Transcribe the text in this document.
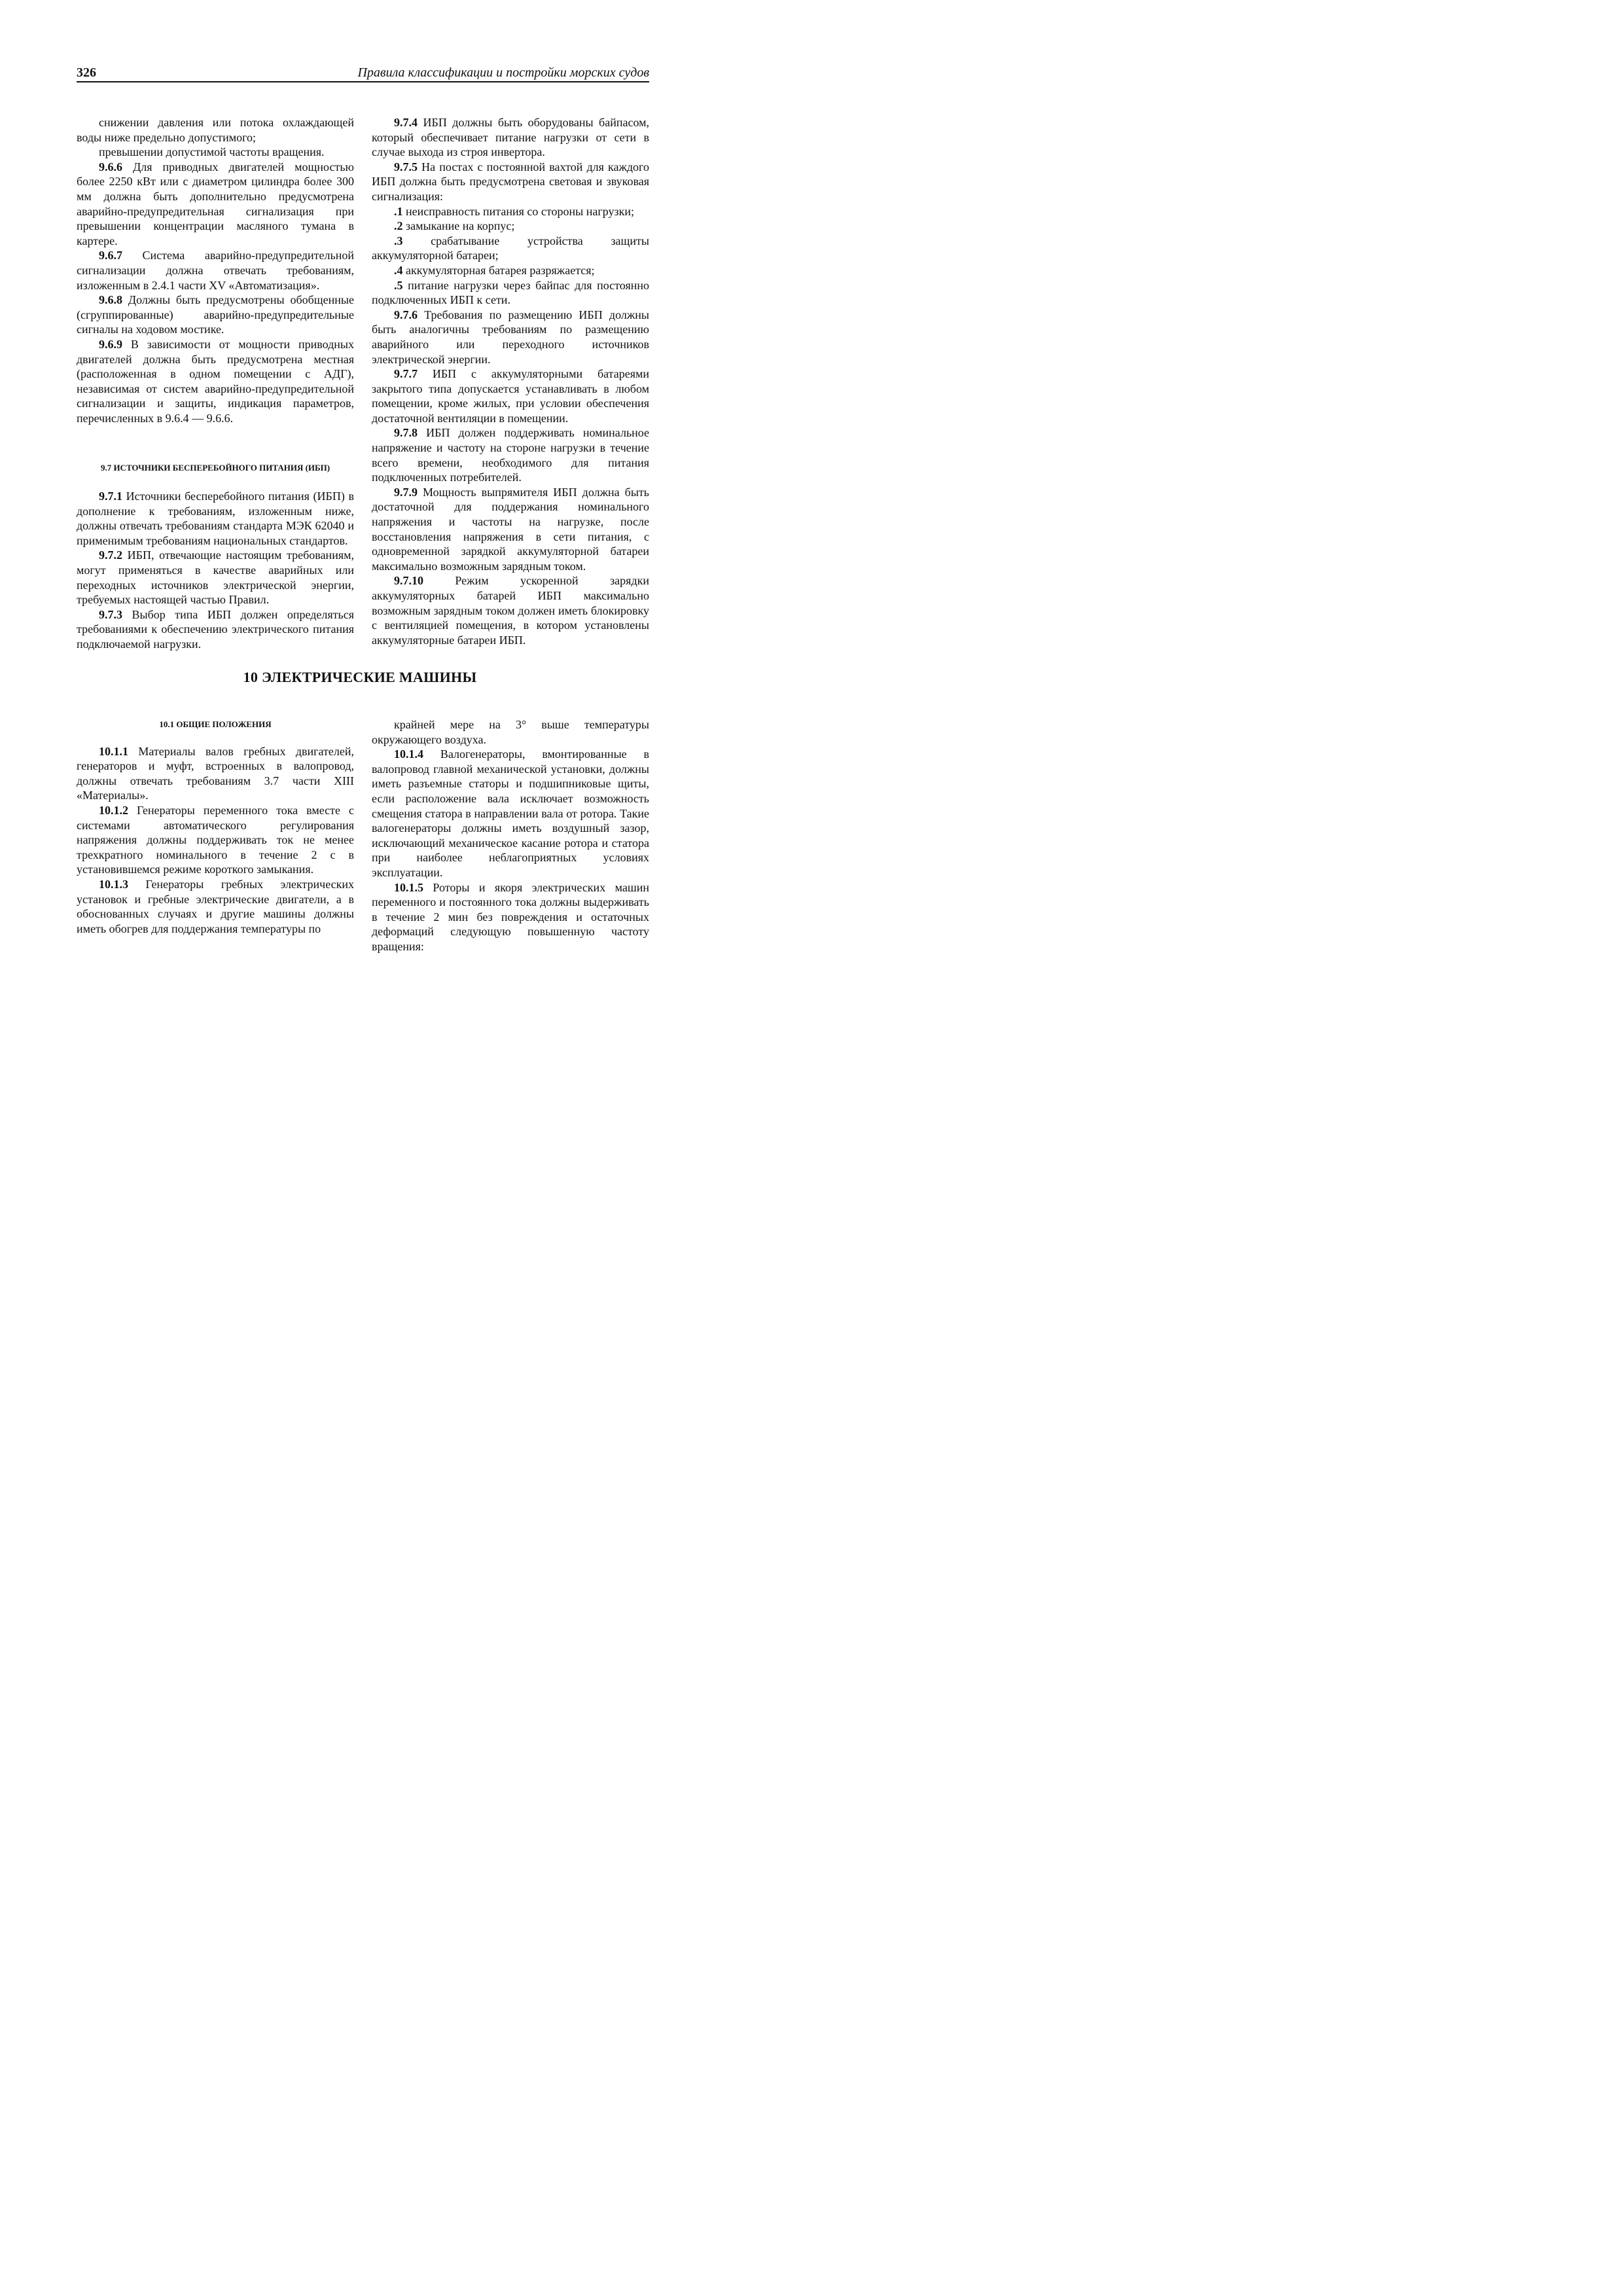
326	Правила классификации и постройки морских судов

снижении давления или потока охлаждающей воды ниже предельно допустимого;

превышении допустимой частоты вращения.

9.6.6 Для приводных двигателей мощностью более 2250 кВт или с диаметром цилиндра более 300 мм должна быть дополнительно предусмотрена аварийно-предупредительная сигнализация при превышении концентрации масляного тумана в картере.

9.6.7 Система аварийно-предупредительной сигнализации должна отвечать требованиям, изложенным в 2.4.1 части XV «Автоматизация».

9.6.8 Должны быть предусмотрены обобщенные (сгруппированные) аварийно-предупредительные сигналы на ходовом мостике.

9.6.9 В зависимости от мощности приводных двигателей должна быть предусмотрена местная (расположенная в одном помещении с АДГ), независимая от систем аварийно-предупредительной сигнализации и защиты, индикация параметров, перечисленных в 9.6.4 — 9.6.6.

9.7 ИСТОЧНИКИ БЕСПЕРЕБОЙНОГО ПИТАНИЯ (ИБП)

9.7.1 Источники бесперебойного питания (ИБП) в дополнение к требованиям, изложенным ниже, должны отвечать требованиям стандарта МЭК 62040 и применимым требованиям национальных стандартов.

9.7.2 ИБП, отвечающие настоящим требованиям, могут применяться в качестве аварийных или переходных источников электрической энергии, требуемых настоящей частью Правил.

9.7.3 Выбор типа ИБП должен определяться требованиями к обеспечению электрического питания подключаемой нагрузки.

9.7.4 ИБП должны быть оборудованы байпасом, который обеспечивает питание нагрузки от сети в случае выхода из строя инвертора.

9.7.5 На постах с постоянной вахтой для каждого ИБП должна быть предусмотрена световая и звуковая сигнализация:

.1 неисправность питания со стороны нагрузки;

.2 замыкание на корпус;

.3 срабатывание устройства защиты аккумуляторной батареи;

.4 аккумуляторная батарея разряжается;

.5 питание нагрузки через байпас для постоянно подключенных ИБП к сети.

9.7.6 Требования по размещению ИБП должны быть аналогичны требованиям по размещению аварийного или переходного источников электрической энергии.

9.7.7 ИБП с аккумуляторными батареями закрытого типа допускается устанавливать в любом помещении, кроме жилых, при условии обеспечения достаточной вентиляции в помещении.

9.7.8 ИБП должен поддерживать номинальное напряжение и частоту на стороне нагрузки в течение всего времени, необходимого для питания подключенных потребителей.

9.7.9 Мощность выпрямителя ИБП должна быть достаточной для поддержания номинального напряжения и частоты на нагрузке, после восстановления напряжения в сети питания, с одновременной зарядкой аккумуляторной батареи максимально возможным зарядным током.

9.7.10 Режим ускоренной зарядки аккумуляторных батарей ИБП максимально возможным зарядным током должен иметь блокировку с вентиляцией помещения, в котором установлены аккумуляторные батареи ИБП.

10 ЭЛЕКТРИЧЕСКИЕ МАШИНЫ

10.1 ОБЩИЕ ПОЛОЖЕНИЯ

10.1.1 Материалы валов гребных двигателей, генераторов и муфт, встроенных в валопровод, должны отвечать требованиям 3.7 части XIII «Материалы».

10.1.2 Генераторы переменного тока вместе с системами автоматического регулирования напряжения должны поддерживать ток не менее трехкратного номинального в течение 2 с в установившемся режиме короткого замыкания.

10.1.3 Генераторы гребных электрических установок и гребные электрические двигатели, а в обоснованных случаях и другие машины должны иметь обогрев для поддержания температуры по

крайней мере на 3° выше температуры окружающего воздуха.

10.1.4 Валогенераторы, вмонтированные в валопровод главной механической установки, должны иметь разъемные статоры и подшипниковые щиты, если расположение вала исключает возможность смещения статора в направлении вала от ротора. Такие валогенераторы должны иметь воздушный зазор, исключающий механическое касание ротора и статора при наиболее неблагоприятных условиях эксплуатации.

10.1.5 Роторы и якоря электрических машин переменного и постоянного тока должны выдерживать в течение 2 мин без повреждения и остаточных деформаций следующую повышенную частоту вращения:
